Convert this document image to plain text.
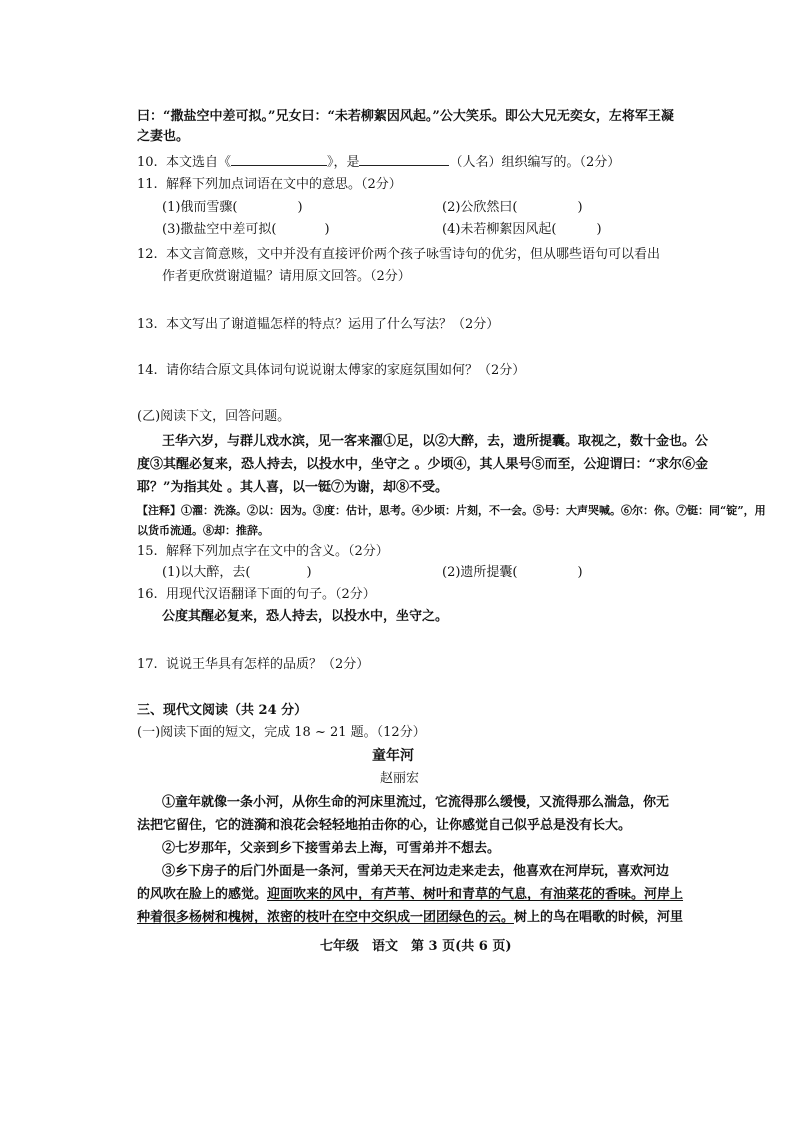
曰：“撒盐空中差可拟。”兄女曰：“未若柳絮因风起。”公大笑乐。即公大兄无奕女，左将军王凝
之妻也。
10. 本文选自《	》，是	（人名）组织编写的。（2分）
11. 解释下列加点词语在文中的意思。（2分）
(1)俄而雪骤(	)	(2)公欣然曰(	)
(3)撒盐空中差可拟(	)	(4)未若柳絮因风起(	)
12. 本文言简意赅，文中并没有直接评价两个孩子咏雪诗句的优劣，但从哪些语句可以看出
作者更欣赏谢道韫？请用原文回答。（2分）
13. 本文写出了谢道韫怎样的特点？运用了什么写法？（2分）
14. 请你结合原文具体词句说说谢太傅家的家庭氛围如何？（2分）
(乙)阅读下文，回答问题。
王华六岁，与群儿戏水滨，见一客来濯①足，以②大醉，去，遗所提囊。取视之，数十金也。公
度③其醒必复来，恐人持去，以投水中，坐守之 。少顷④，其人果号⑤而至，公迎谓曰：“求尔⑥金
耶？”为指其处 。其人喜，以一铤⑦为谢，却⑧不受。
【注释】①濯：洗涤。②以：因为。③度：估计，思考。④少顷：片刻，不一会。⑤号：大声哭喊。⑥尔：你。⑦铤：同“锭”，用
以货币流通。⑧却：推辞。
15. 解释下列加点字在文中的含义。（2分）
(1)以大醉，去(	)	(2)遗所提囊(	)
16. 用现代汉语翻译下面的句子。（2分）
公度其醒必复来，恐人持去，以投水中，坐守之。
17. 说说王华具有怎样的品质？（2分）
三、现代文阅读（共 24 分）
(一)阅读下面的短文，完成 18 ~ 21 题。（12分）
童年河
赵丽宏
①童年就像一条小河，从你生命的河床里流过，它流得那么缓慢，又流得那么湍急，你无
法把它留住，它的涟漪和浪花会轻轻地拍击你的心，让你感觉自己似乎总是没有长大。
②七岁那年，父亲到乡下接雪弟去上海，可雪弟并不想去。
③乡下房子的后门外面是一条河，雪弟天天在河边走来走去，他喜欢在河岸玩，喜欢河边
的风吹在脸上的感觉。迎面吹来的风中，有芦苇、树叶和青草的气息，有油菜花的香味。河岸上
种着很多杨树和槐树，浓密的枝叶在空中交织成一团团绿色的云。树上的鸟在唱歌的时候，河里
七年级　语文　第 3 页(共 6 页)
